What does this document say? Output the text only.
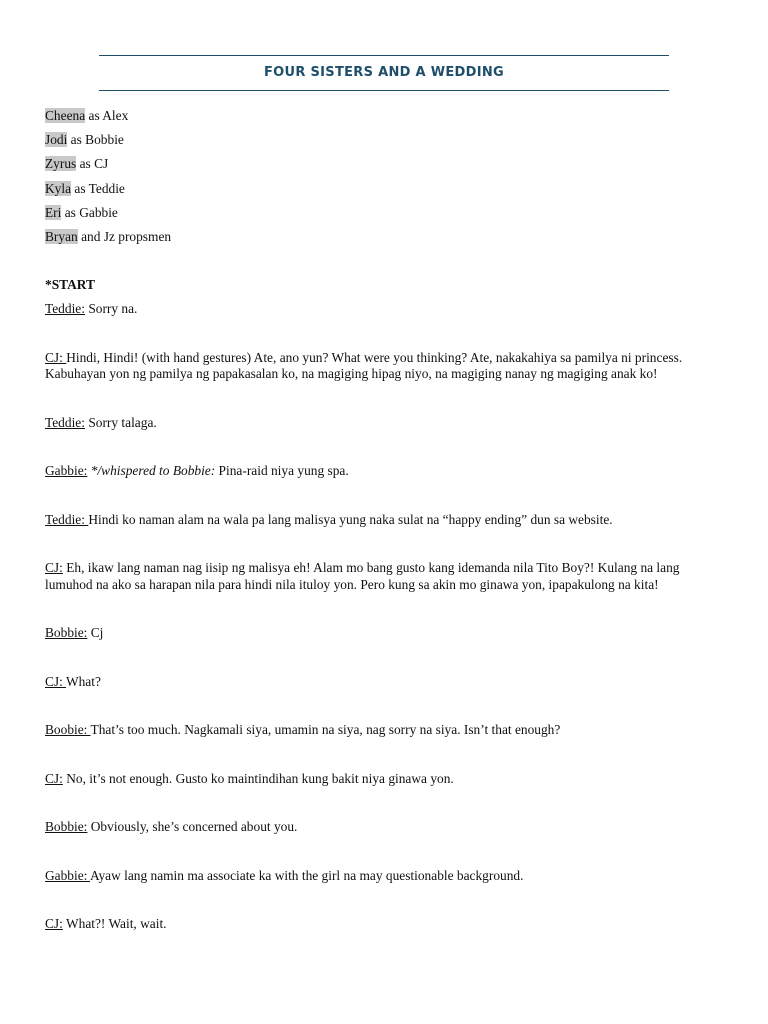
FOUR SISTERS AND A WEDDING
Cheena as Alex
Jodi as Bobbie
Zyrus as CJ
Kyla as Teddie
Eri as Gabbie
Bryan and Jz propsmen
*START

Teddie: Sorry na.

CJ: Hindi, Hindi! (with hand gestures) Ate, ano yun? What were you thinking? Ate, nakakahiya sa pamilya ni princess. Kabuhayan yon ng pamilya ng papakasalan ko, na magiging hipag niyo, na magiging nanay ng magiging anak ko!

Teddie: Sorry talaga.

Gabbie: */whispered to Bobbie: Pina-raid niya yung spa.

Teddie: Hindi ko naman alam na wala pa lang malisya yung naka sulat na “happy ending” dun sa website.

CJ: Eh, ikaw lang naman nag iisip ng malisya eh! Alam mo bang gusto kang idemanda nila Tito Boy?! Kulang na lang lumuhod na ako sa harapan nila para hindi nila ituloy yon. Pero kung sa akin mo ginawa yon, ipapakulong na kita!

Bobbie: Cj

CJ: What?

Boobie: That’s too much. Nagkamali siya, umamin na siya, nag sorry na siya. Isn’t that enough?

CJ: No, it’s not enough. Gusto ko maintindihan kung bakit niya ginawa yon.

Bobbie: Obviously, she’s concerned about you.

Gabbie: Ayaw lang namin ma associate ka with the girl na may questionable background.

CJ: What?! Wait, wait.
